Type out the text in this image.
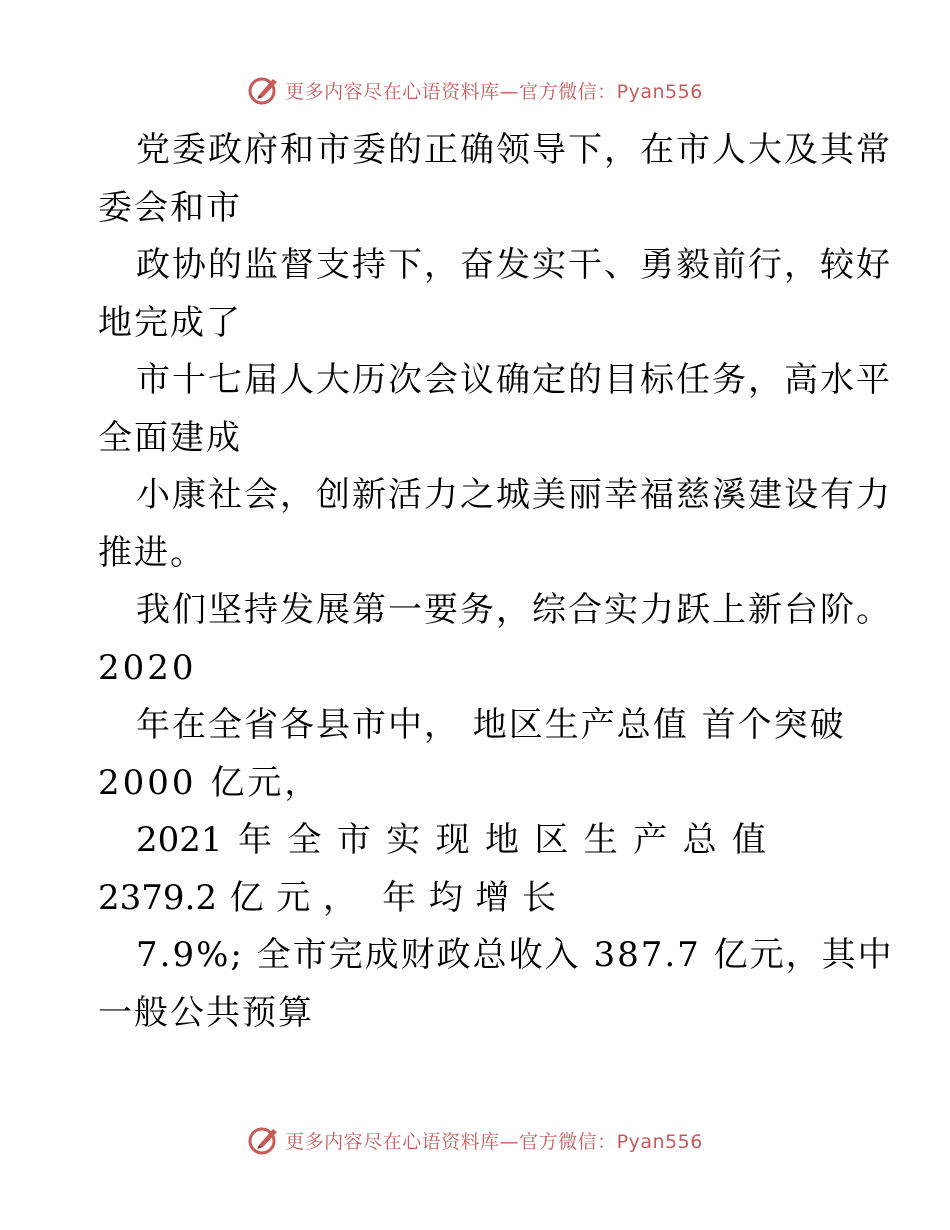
更多内容尽在心语资料库—官方微信：Pyan556
党委政府和市委的正确领导下，在市人大及其常
委会和市
政协的监督支持下，奋发实干、勇毅前行，较好
地完成了
市十七届人大历次会议确定的目标任务，高水平
全面建成
小康社会，创新活力之城美丽幸福慈溪建设有力
推进。
我们坚持发展第一要务，综合实力跃上新台阶。
2020
年在全省各县市中， 地区生产总值 首个突破
2000 亿元，
2021 年 全 市 实 现 地 区 生 产 总 值
2379.2 亿 元 ， 年 均 增 长
7.9%; 全市完成财政总收入 387.7 亿元，其中
一般公共预算
更多内容尽在心语资料库—官方微信：Pyan556
